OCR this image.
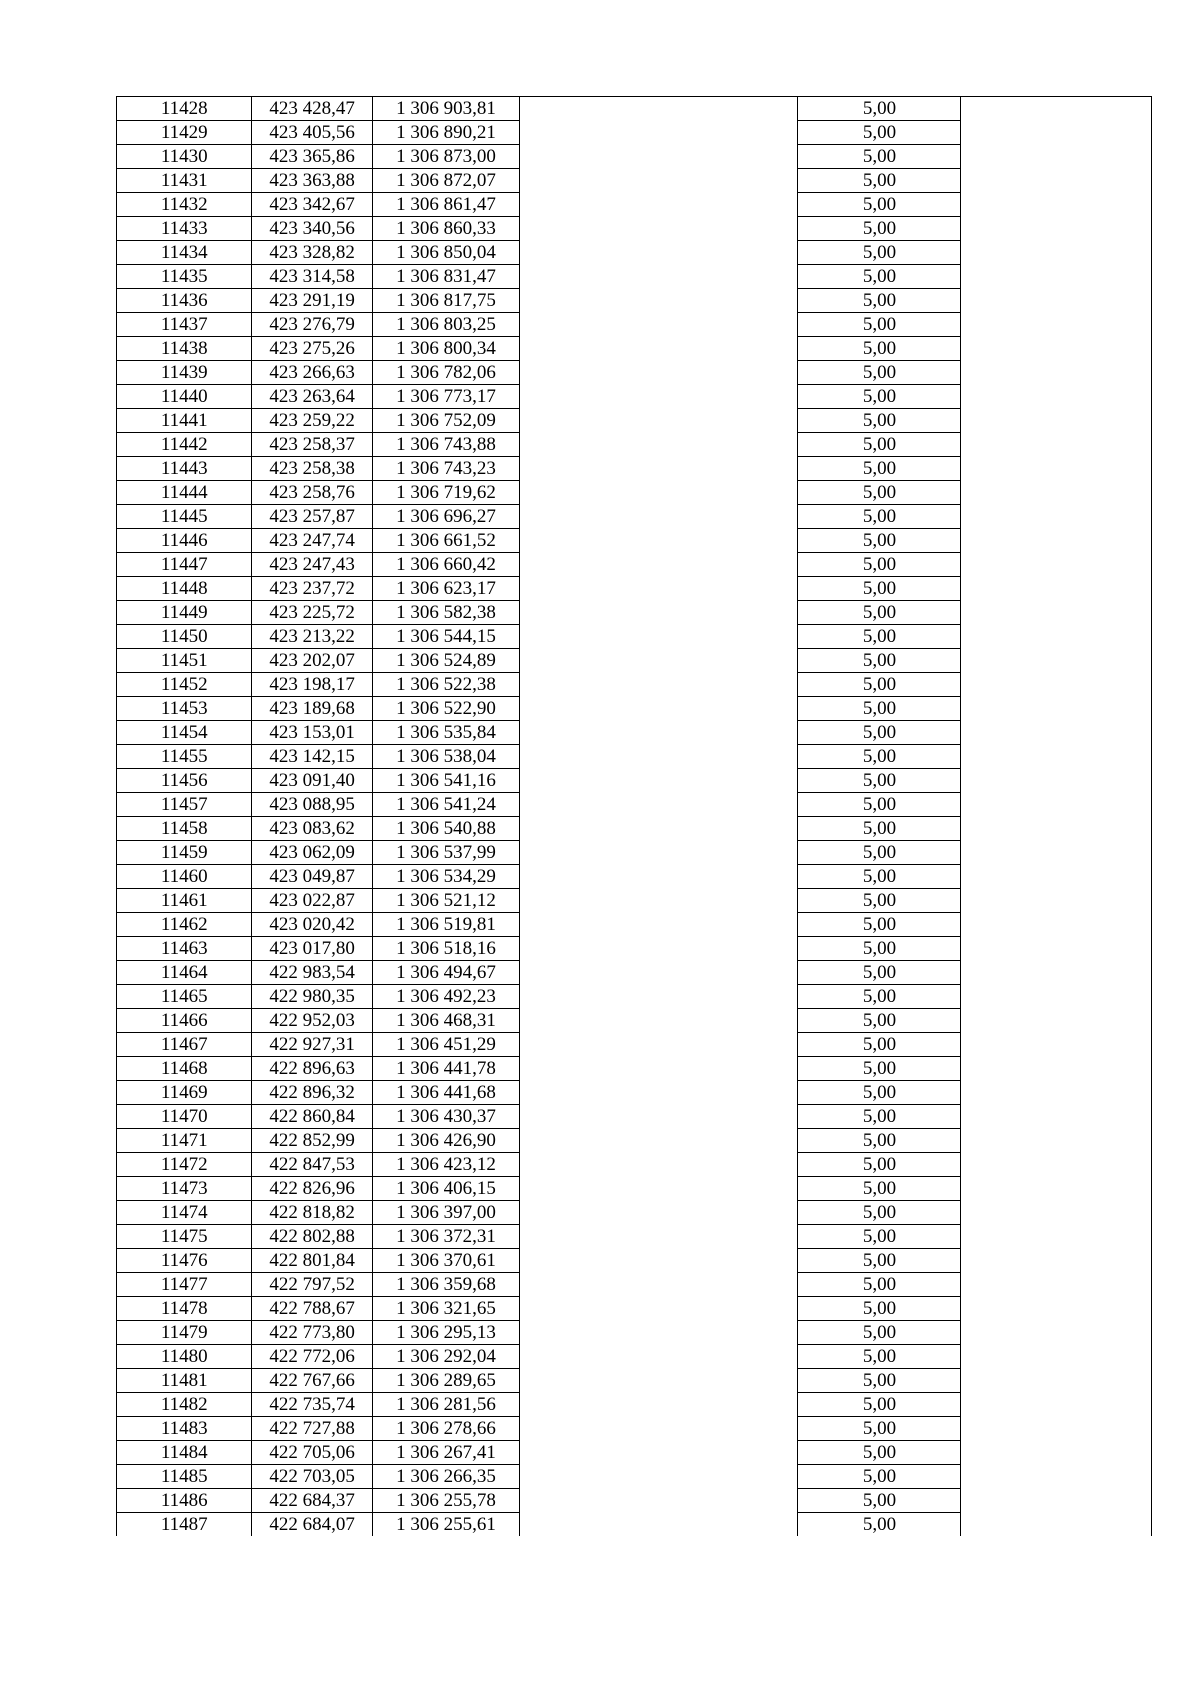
11428	423 428,47	1 306 903,81		5,00	
11429	423 405,56	1 306 890,21		5,00	
11430	423 365,86	1 306 873,00		5,00	
11431	423 363,88	1 306 872,07		5,00	
11432	423 342,67	1 306 861,47		5,00	
11433	423 340,56	1 306 860,33		5,00	
11434	423 328,82	1 306 850,04		5,00	
11435	423 314,58	1 306 831,47		5,00	
11436	423 291,19	1 306 817,75		5,00	
11437	423 276,79	1 306 803,25		5,00	
11438	423 275,26	1 306 800,34		5,00	
11439	423 266,63	1 306 782,06		5,00	
11440	423 263,64	1 306 773,17		5,00	
11441	423 259,22	1 306 752,09		5,00	
11442	423 258,37	1 306 743,88		5,00	
11443	423 258,38	1 306 743,23		5,00	
11444	423 258,76	1 306 719,62		5,00	
11445	423 257,87	1 306 696,27		5,00	
11446	423 247,74	1 306 661,52		5,00	
11447	423 247,43	1 306 660,42		5,00	
11448	423 237,72	1 306 623,17		5,00	
11449	423 225,72	1 306 582,38		5,00	
11450	423 213,22	1 306 544,15		5,00	
11451	423 202,07	1 306 524,89		5,00	
11452	423 198,17	1 306 522,38		5,00	
11453	423 189,68	1 306 522,90		5,00	
11454	423 153,01	1 306 535,84		5,00	
11455	423 142,15	1 306 538,04		5,00	
11456	423 091,40	1 306 541,16		5,00	
11457	423 088,95	1 306 541,24		5,00	
11458	423 083,62	1 306 540,88		5,00	
11459	423 062,09	1 306 537,99		5,00	
11460	423 049,87	1 306 534,29		5,00	
11461	423 022,87	1 306 521,12		5,00	
11462	423 020,42	1 306 519,81		5,00	
11463	423 017,80	1 306 518,16		5,00	
11464	422 983,54	1 306 494,67		5,00	
11465	422 980,35	1 306 492,23		5,00	
11466	422 952,03	1 306 468,31		5,00	
11467	422 927,31	1 306 451,29		5,00	
11468	422 896,63	1 306 441,78		5,00	
11469	422 896,32	1 306 441,68		5,00	
11470	422 860,84	1 306 430,37		5,00	
11471	422 852,99	1 306 426,90		5,00	
11472	422 847,53	1 306 423,12		5,00	
11473	422 826,96	1 306 406,15		5,00	
11474	422 818,82	1 306 397,00		5,00	
11475	422 802,88	1 306 372,31		5,00	
11476	422 801,84	1 306 370,61		5,00	
11477	422 797,52	1 306 359,68		5,00	
11478	422 788,67	1 306 321,65		5,00	
11479	422 773,80	1 306 295,13		5,00	
11480	422 772,06	1 306 292,04		5,00	
11481	422 767,66	1 306 289,65		5,00	
11482	422 735,74	1 306 281,56		5,00	
11483	422 727,88	1 306 278,66		5,00	
11484	422 705,06	1 306 267,41		5,00	
11485	422 703,05	1 306 266,35		5,00	
11486	422 684,37	1 306 255,78		5,00	
11487	422 684,07	1 306 255,61		5,00	
